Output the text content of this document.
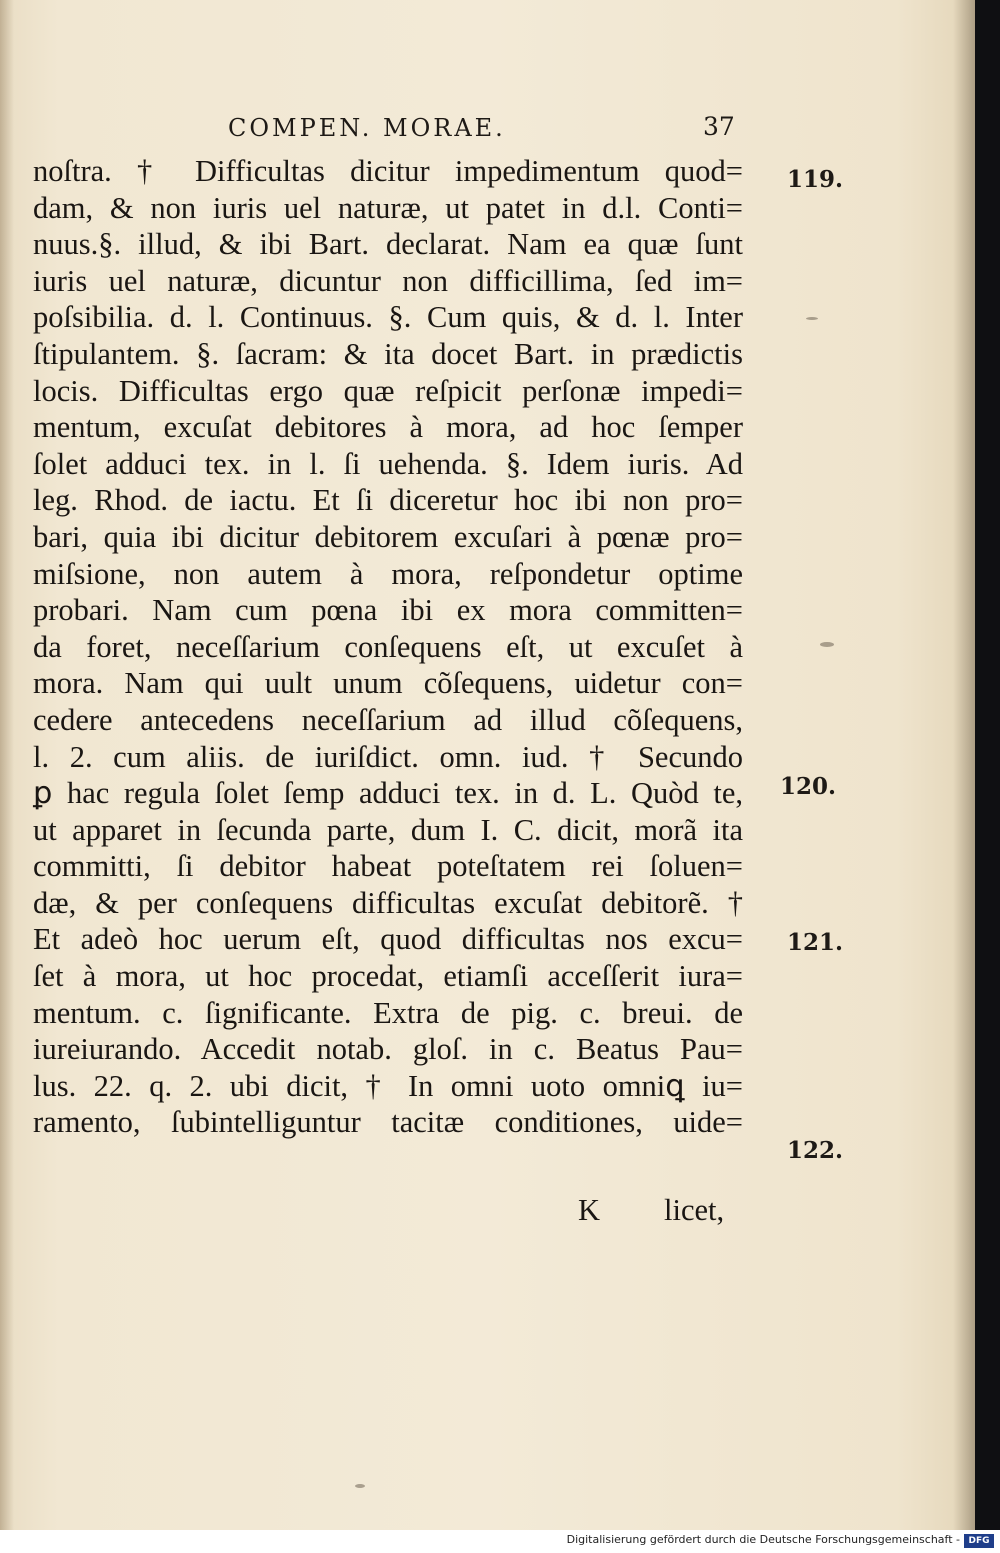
COMPEN. MORAE.	37
noſtra. † Difficultas dicitur impedimentum quod=
dam, & non iuris uel naturæ, ut patet in d.l. Conti=
nuus.§. illud, & ibi Bart. declarat. Nam ea quæ ſunt
iuris uel naturæ, dicuntur non difficillima, ſed im=
poſsibilia. d. l. Continuus. §. Cum quis, & d. l. Inter
ſtipulantem. §. ſacram: & ita docet Bart. in prædictis
locis. Difficultas ergo quæ reſpicit perſonæ impedi=
mentum, excuſat debitores à mora, ad hoc ſemper
ſolet adduci tex. in l. ſi uehenda. §. Idem iuris. Ad
leg. Rhod. de iactu. Et ſi diceretur hoc ibi non pro=
bari, quia ibi dicitur debitorem excuſari à pœnæ pro=
miſsione, non autem à mora, reſpondetur optime
probari. Nam cum pœna ibi ex mora committen=
da foret, neceſſarium conſequens eſt, ut excuſet à
mora. Nam qui uult unum cõſequens, uidetur con=
cedere antecedens neceſſarium ad illud cõſequens,
l. 2. cum aliis. de iuriſdict. omn. iud. † Secundo
ꝑ hac regula ſolet ſemp adduci tex. in d. L. Quòd te,
ut apparet in ſecunda parte, dum I. C. dicit, morã ita
committi, ſi debitor habeat poteſtatem rei ſoluen=
dæ, & per conſequens difficultas excuſat debitorẽ. †
Et adeò hoc uerum eſt, quod difficultas nos excu=
ſet à mora, ut hoc procedat, etiamſi acceſſerit iura=
mentum. c. ſignificante. Extra de pig. c. breui. de
iureiurando. Accedit notab. gloſ. in c. Beatus Pau=
lus. 22. q. 2. ubi dicit, † In omni uoto omniꝗ iu=
ramento, ſubintelliguntur tacitæ conditiones, uide=
K licet,
119.
120.
121.
122.
Digitalisierung gefördert durch die Deutsche Forschungsgemeinschaft - DFG
